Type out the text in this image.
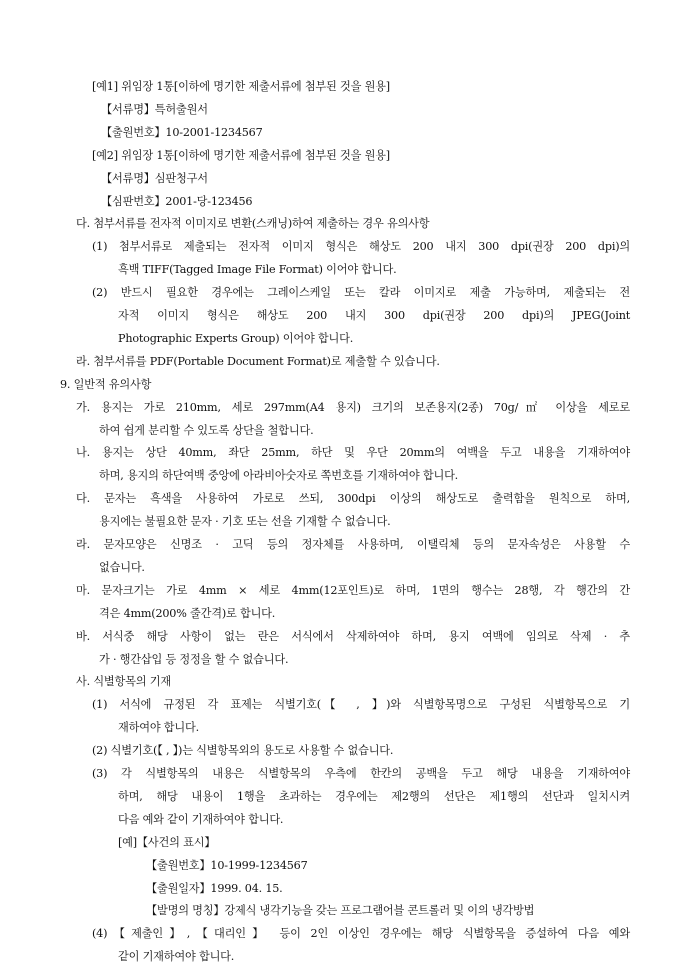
[예1] 위임장 1통[이하에 명기한 제출서류에 첨부된 것을 원용]
【서류명】특허출원서
【출원번호】10-2001-1234567
[예2] 위임장 1통[이하에 명기한 제출서류에 첨부된 것을 원용]
【서류명】심판청구서
【심판번호】2001-당-123456
다. 첨부서류를 전자적 이미지로 변환(스캐닝)하여 제출하는 경우 유의사항
(1) 첨부서류로 제출되는 전자적 이미지 형식은 해상도 200 내지 300 dpi(권장 200 dpi)의
흑백 TIFF(Tagged Image File Format) 이어야 합니다.
(2) 반드시 필요한 경우에는 그레이스케일 또는 칼라 이미지로 제출 가능하며, 제출되는 전
자적 이미지 형식은 해상도 200 내지 300 dpi(권장 200 dpi)의 JPEG(Joint
Photographic Experts Group) 이어야 합니다.
라. 첨부서류를 PDF(Portable Document Format)로 제출할 수 있습니다.
9. 일반적 유의사항
가. 용지는 가로 210mm, 세로 297mm(A4 용지) 크기의 보존용지(2종) 70g/㎡ 이상을 세로로
하여 쉽게 분리할 수 있도록 상단을 철합니다.
나. 용지는 상단 40mm, 좌단 25mm, 하단 및 우단 20mm의 여백을 두고 내용을 기재하여야
하며, 용지의 하단여백 중앙에 아라비아숫자로 쪽번호를 기재하여야 합니다.
다. 문자는 흑색을 사용하여 가로로 쓰되, 300dpi 이상의 해상도로 출력함을 원칙으로 하며,
용지에는 불필요한 문자 · 기호 또는 선을 기재할 수 없습니다.
라. 문자모양은 신명조 · 고딕 등의 정자체를 사용하며, 이탤릭체 등의 문자속성은 사용할 수
없습니다.
마. 문자크기는 가로 4mm × 세로 4mm(12포인트)로 하며, 1면의 행수는 28행, 각 행간의 간
격은 4mm(200% 줄간격)로 합니다.
바. 서식중 해당 사항이 없는 란은 서식에서 삭제하여야 하며, 용지 여백에 임의로 삭제 · 추
가 · 행간삽입 등 정정을 할 수 없습니다.
사. 식별항목의 기재
(1) 서식에 규정된 각 표제는 식별기호(【 , 】)와 식별항목명으로 구성된 식별항목으로 기
재하여야 합니다.
(2) 식별기호(【 , 】)는 식별항목외의 용도로 사용할 수 없습니다.
(3) 각 식별항목의 내용은 식별항목의 우측에 한칸의 공백을 두고 해당 내용을 기재하여야
하며, 해당 내용이 1행을 초과하는 경우에는 제2행의 선단은 제1행의 선단과 일치시켜
다음 예와 같이 기재하여야 합니다.
[예]【사건의 표시】
【출원번호】10-1999-1234567
【출원일자】1999. 04. 15.
【발명의 명칭】강제식 냉각기능을 갖는 프로그램어블 콘트롤러 및 이의 냉각방법
(4)【제출인】,【대리인】 등이 2인 이상인 경우에는 해당 식별항목을 증설하여 다음 예와
같이 기재하여야 합니다.
